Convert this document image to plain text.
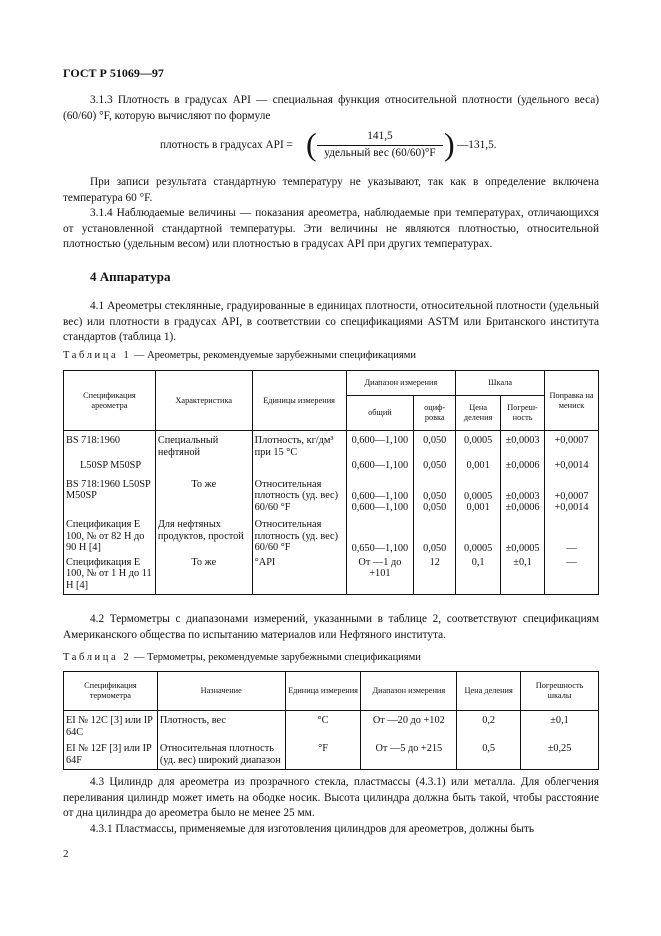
ГОСТ Р 51069—97

3.1.3 Плотность в градусах API — специальная функция относительной плотности (удельного веса) (60/60) °F, которую вычисляют по формуле

плотность в градусах API = (	141,5
удельный вес (60/60)°F ) —131,5.

При записи результата стандартную температуру не указывают, так как в определение включена температура 60 °F.

3.1.4 Наблюдаемые величины — показания ареометра, наблюдаемые при температурах, отличающихся от установленной стандартной температуры. Эти величины не являются плотностью, относительной плотностью (удельным весом) или плотностью в градусах API при других температурах.

4 Аппаратура

4.1 Ареометры стеклянные, градуированные в единицах плотности, относительной плотности (удельный вес) или плотности в градусах API, в соответствии со спецификациями ASTM или Британского института стандартов (таблица 1).

Таблица 1 — Ареометры, рекомендуемые зарубежными спецификациями
Спецификация ареометра	Характеристика	Единицы измерения	Диапазон измерения		Шкала		Поправка на мениск
			общий	оциф-ровка	Цена деления	Погреш-ность	
BS 718:1960	Специальный нефтяной	Плотность, кг/дм³ при 15 °С	0,600—1,100	0,050	0,0005	±0,0003	+0,0007
L50SP M50SP			0,600—1,100	0,050	0,001	±0,0006	+0,0014
BS 718:1960 L50SP M50SP	То же	Относительная плотность (уд. вес) 60/60 °F	0,600—1,100 0,600—1,100	0,050 0,050	0,0005 0,001	±0,0003 ±0,0006	+0,0007 +0,0014
Спецификация Е 100, № от 82 Н до 90 Н [4]	Для нефтяных продуктов, простой	Относительная плотность (уд. вес) 60/60 °F	0,650—1,100	0,050	0,0005	±0,0005	—
Спецификация Е 100, № от 1 Н до 11 Н [4]	То же	°API	От —1 до +101	12	0,1	±0,1	—

4.2 Термометры с диапазонами измерений, указанными в таблице 2, соответствуют спецификациям Американского общества по испытанию материалов или Нефтяного института.

Таблица 2 — Термометры, рекомендуемые зарубежными спецификациями
Спецификация термометра	Назначение	Единица измерения	Диапазон измерения	Цена деления	Погрешность шкалы
EI № 12С [3] или IP 64С	Плотность, вес	°С	От —20 до +102	0,2	±0,1
EI № 12F [3] или IP 64F	Относительная плотность (уд. вес) широкий диапазон	°F	От —5 до +215	0,5	±0,25

4.3 Цилиндр для ареометра из прозрачного стекла, пластмассы (4.3.1) или металла. Для облегчения переливания цилиндр может иметь на ободке носик. Высота цилиндра должна быть такой, чтобы расстояние от дна цилиндра до ареометра было не менее 25 мм.

4.3.1 Пластмассы, применяемые для изготовления цилиндров для ареометров, должны быть

2
